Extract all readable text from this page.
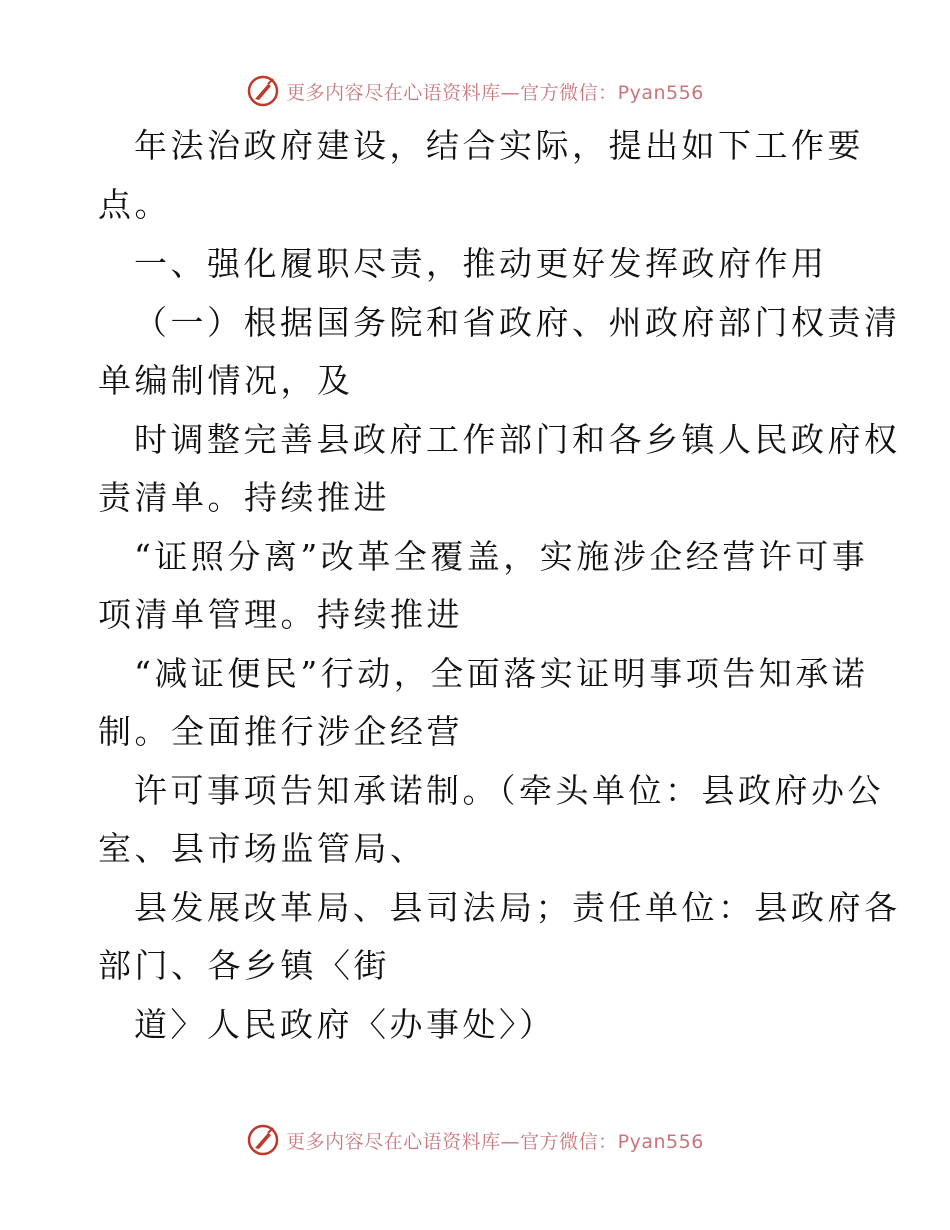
更多内容尽在心语资料库—官方微信：Pyan556
年法治政府建设，结合实际，提出如下工作要
点。
一、强化履职尽责，推动更好发挥政府作用
（一）根据国务院和省政府、州政府部门权责清
单编制情况，及
时调整完善县政府工作部门和各乡镇人民政府权
责清单。持续推进
“证照分离”改革全覆盖，实施涉企经营许可事
项清单管理。持续推进
“减证便民”行动，全面落实证明事项告知承诺
制。全面推行涉企经营
许可事项告知承诺制。（牵头单位：县政府办公
室、县市场监管局、
县发展改革局、县司法局；责任单位：县政府各
部门、各乡镇〈街
道〉人民政府〈办事处〉）
更多内容尽在心语资料库—官方微信：Pyan556
